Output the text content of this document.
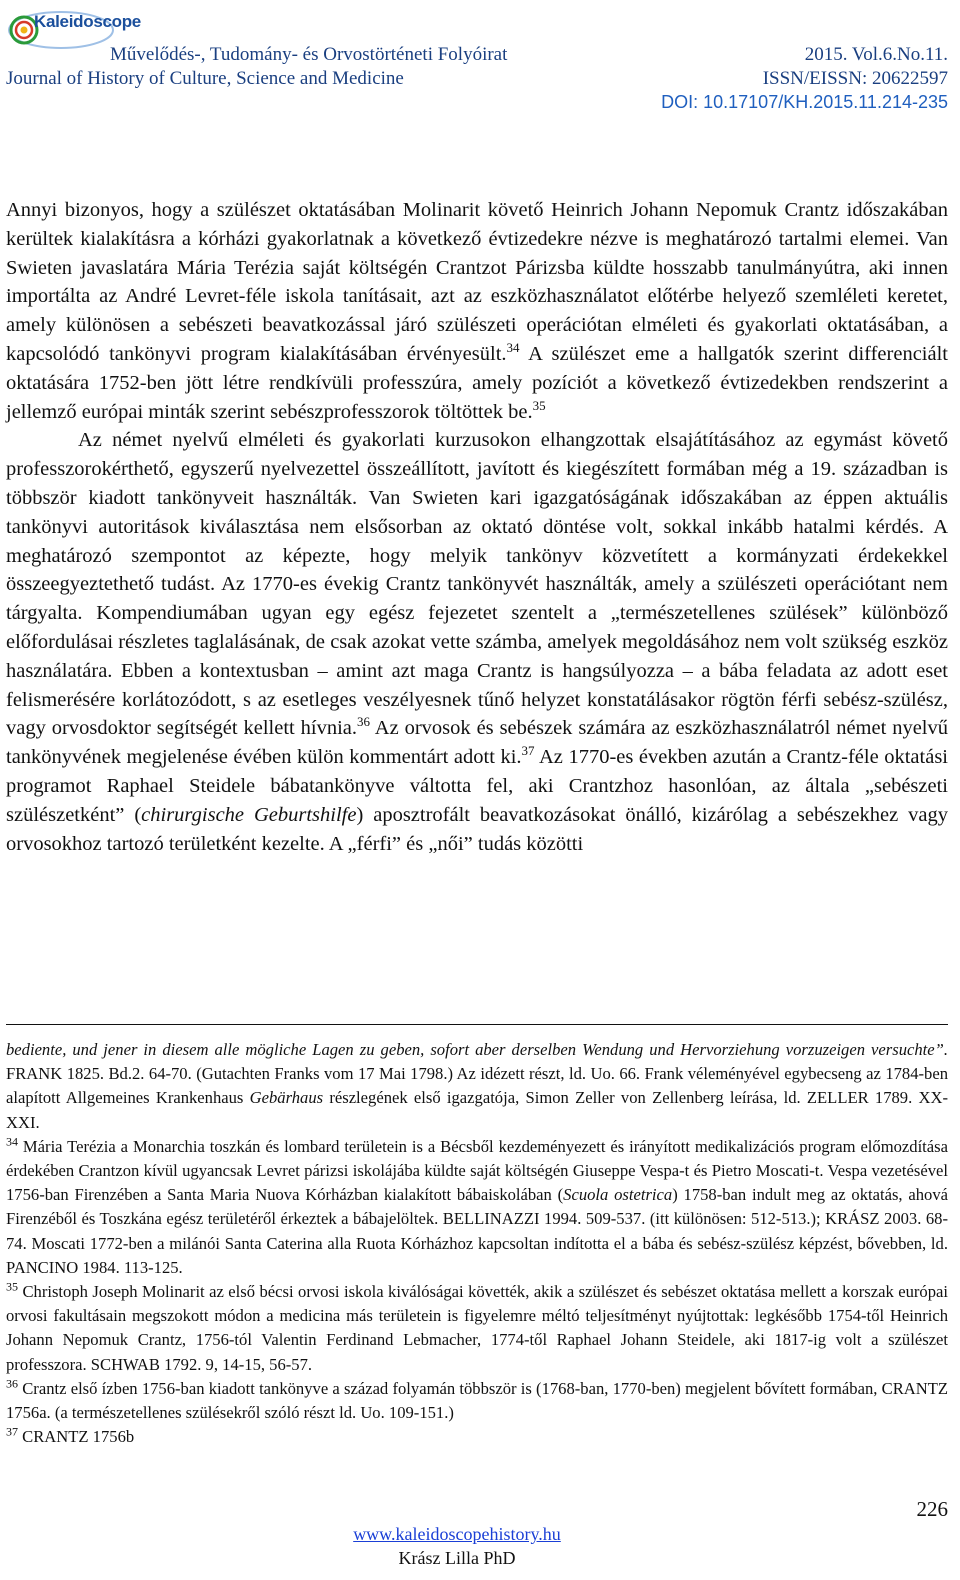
Kaleidoscope
Művelődés-, Tudomány- és Orvostörténeti Folyóirat
Journal of History of Culture, Science and Medicine
2015. Vol.6.No.11.
ISSN/EISSN: 20622597
DOI: 10.17107/KH.2015.11.214-235

Annyi bizonyos, hogy a szülészet oktatásában Molinarit követő Heinrich Johann Nepomuk Crantz időszakában kerültek kialakításra a kórházi gyakorlatnak a következő évtizedekre nézve is meghatározó tartalmi elemei. Van Swieten javaslatára Mária Terézia saját költségén Crantzot Párizsba küldte hosszabb tanulmányútra, aki innen importálta az André Levret-féle iskola tanításait, azt az eszközhasználatot előtérbe helyező szemléleti keretet, amely különösen a sebészeti beavatkozással járó szülészeti operációtan elméleti és gyakorlati oktatásában, a kapcsolódó tankönyvi program kialakításában érvényesült.$^{34}$ A szülészet eme a hallgatók szerint differenciált oktatására 1752-ben jött létre rendkívüli professzúra, amely pozíciót a következő évtizedekben rendszerint a jellemző európai minták szerint sebészprofesszorok töltöttek be.$^{35}$

Az német nyelvű elméleti és gyakorlati kurzusokon elhangzottak elsajátításához az egymást követő professzorokérthető, egyszerű nyelvezettel összeállított, javított és kiegészített formában még a 19. században is többször kiadott tankönyveit használták. Van Swieten kari igazgatóságának időszakában az éppen aktuális tankönyvi autoritások kiválasztása nem elsősorban az oktató döntése volt, sokkal inkább hatalmi kérdés. A meghatározó szempontot az képezte, hogy melyik tankönyv közvetített a kormányzati érdekekkel összeegyeztethető tudást. Az 1770-es évekig Crantz tankönyvét használták, amely a szülészeti operációtant nem tárgyalta. Kompendiumában ugyan egy egész fejezetet szentelt a „természetellenes szülések” különböző előfordulásai részletes taglalásának, de csak azokat vette számba, amelyek megoldásához nem volt szükség eszköz használatára. Ebben a kontextusban – amint azt maga Crantz is hangsúlyozza – a bába feladata az adott eset felismerésére korlátozódott, s az esetleges veszélyesnek tűnő helyzet konstatálásakor rögtön férfi sebész-szülész, vagy orvosdoktor segítségét kellett hívnia.$^{36}$ Az orvosok és sebészek számára az eszközhasználatról német nyelvű tankönyvének megjelenése évében külön kommentárt adott ki.$^{37}$ Az 1770-es években azután a Crantz-féle oktatási programot Raphael Steidele bábatankönyve váltotta fel, aki Crantzhoz hasonlóan, az általa „sebészeti szülészetként” (chirurgische Geburtshilfe) aposztrofált beavatkozásokat önálló, kizárólag a sebészekhez vagy orvosokhoz tartozó területként kezelte. A „férfi” és „női” tudás közötti

bediente, und jener in diesem alle mögliche Lagen zu geben, sofort aber derselben Wendung und Hervorziehung vorzuzeigen versuchte”. FRANK 1825. Bd.2. 64-70. (Gutachten Franks vom 17 Mai 1798.) Az idézett részt, ld. Uo. 66. Frank véleményével egybecseng az 1784-ben alapított Allgemeines Krankenhaus Gebärhaus részlegének első igazgatója, Simon Zeller von Zellenberg leírása, ld. ZELLER 1789. XX-XXI.

$^{34}$ Mária Terézia a Monarchia toszkán és lombard területein is a Bécsből kezdeményezett és irányított medikalizációs program előmozdítása érdekében Crantzon kívül ugyancsak Levret párizsi iskolájába küldte saját költségén Giuseppe Vespa-t és Pietro Moscati-t. Vespa vezetésével 1756-ban Firenzében a Santa Maria Nuova Kórházban kialakított bábaiskolában (Scuola ostetrica) 1758-ban indult meg az oktatás, ahová Firenzéből és Toszkána egész területéről érkeztek a bábajelöltek. BELLINAZZI 1994. 509-537. (itt különösen: 512-513.); KRÁSZ 2003. 68-74. Moscati 1772-ben a milánói Santa Caterina alla Ruota Kórházhoz kapcsoltan indította el a bába és sebész-szülész képzést, bővebben, ld. PANCINO 1984. 113-125.

$^{35}$ Christoph Joseph Molinarit az első bécsi orvosi iskola kiválóságai követték, akik a szülészet és sebészet oktatása mellett a korszak európai orvosi fakultásain megszokott módon a medicina más területein is figyelemre méltó teljesítményt nyújtottak: legkésőbb 1754-től Heinrich Johann Nepomuk Crantz, 1756-tól Valentin Ferdinand Lebmacher, 1774-től Raphael Johann Steidele, aki 1817-ig volt a szülészet professzora. SCHWAB 1792. 9, 14-15, 56-57.

$^{36}$ Crantz első ízben 1756-ban kiadott tankönyve a század folyamán többször is (1768-ban, 1770-ben) megjelent bővített formában, CRANTZ 1756a. (a természetellenes szülésekről szóló részt ld. Uo. 109-151.)

$^{37}$ CRANTZ 1756b

226
www.kaleidoscopehistory.hu
Krász Lilla PhD
